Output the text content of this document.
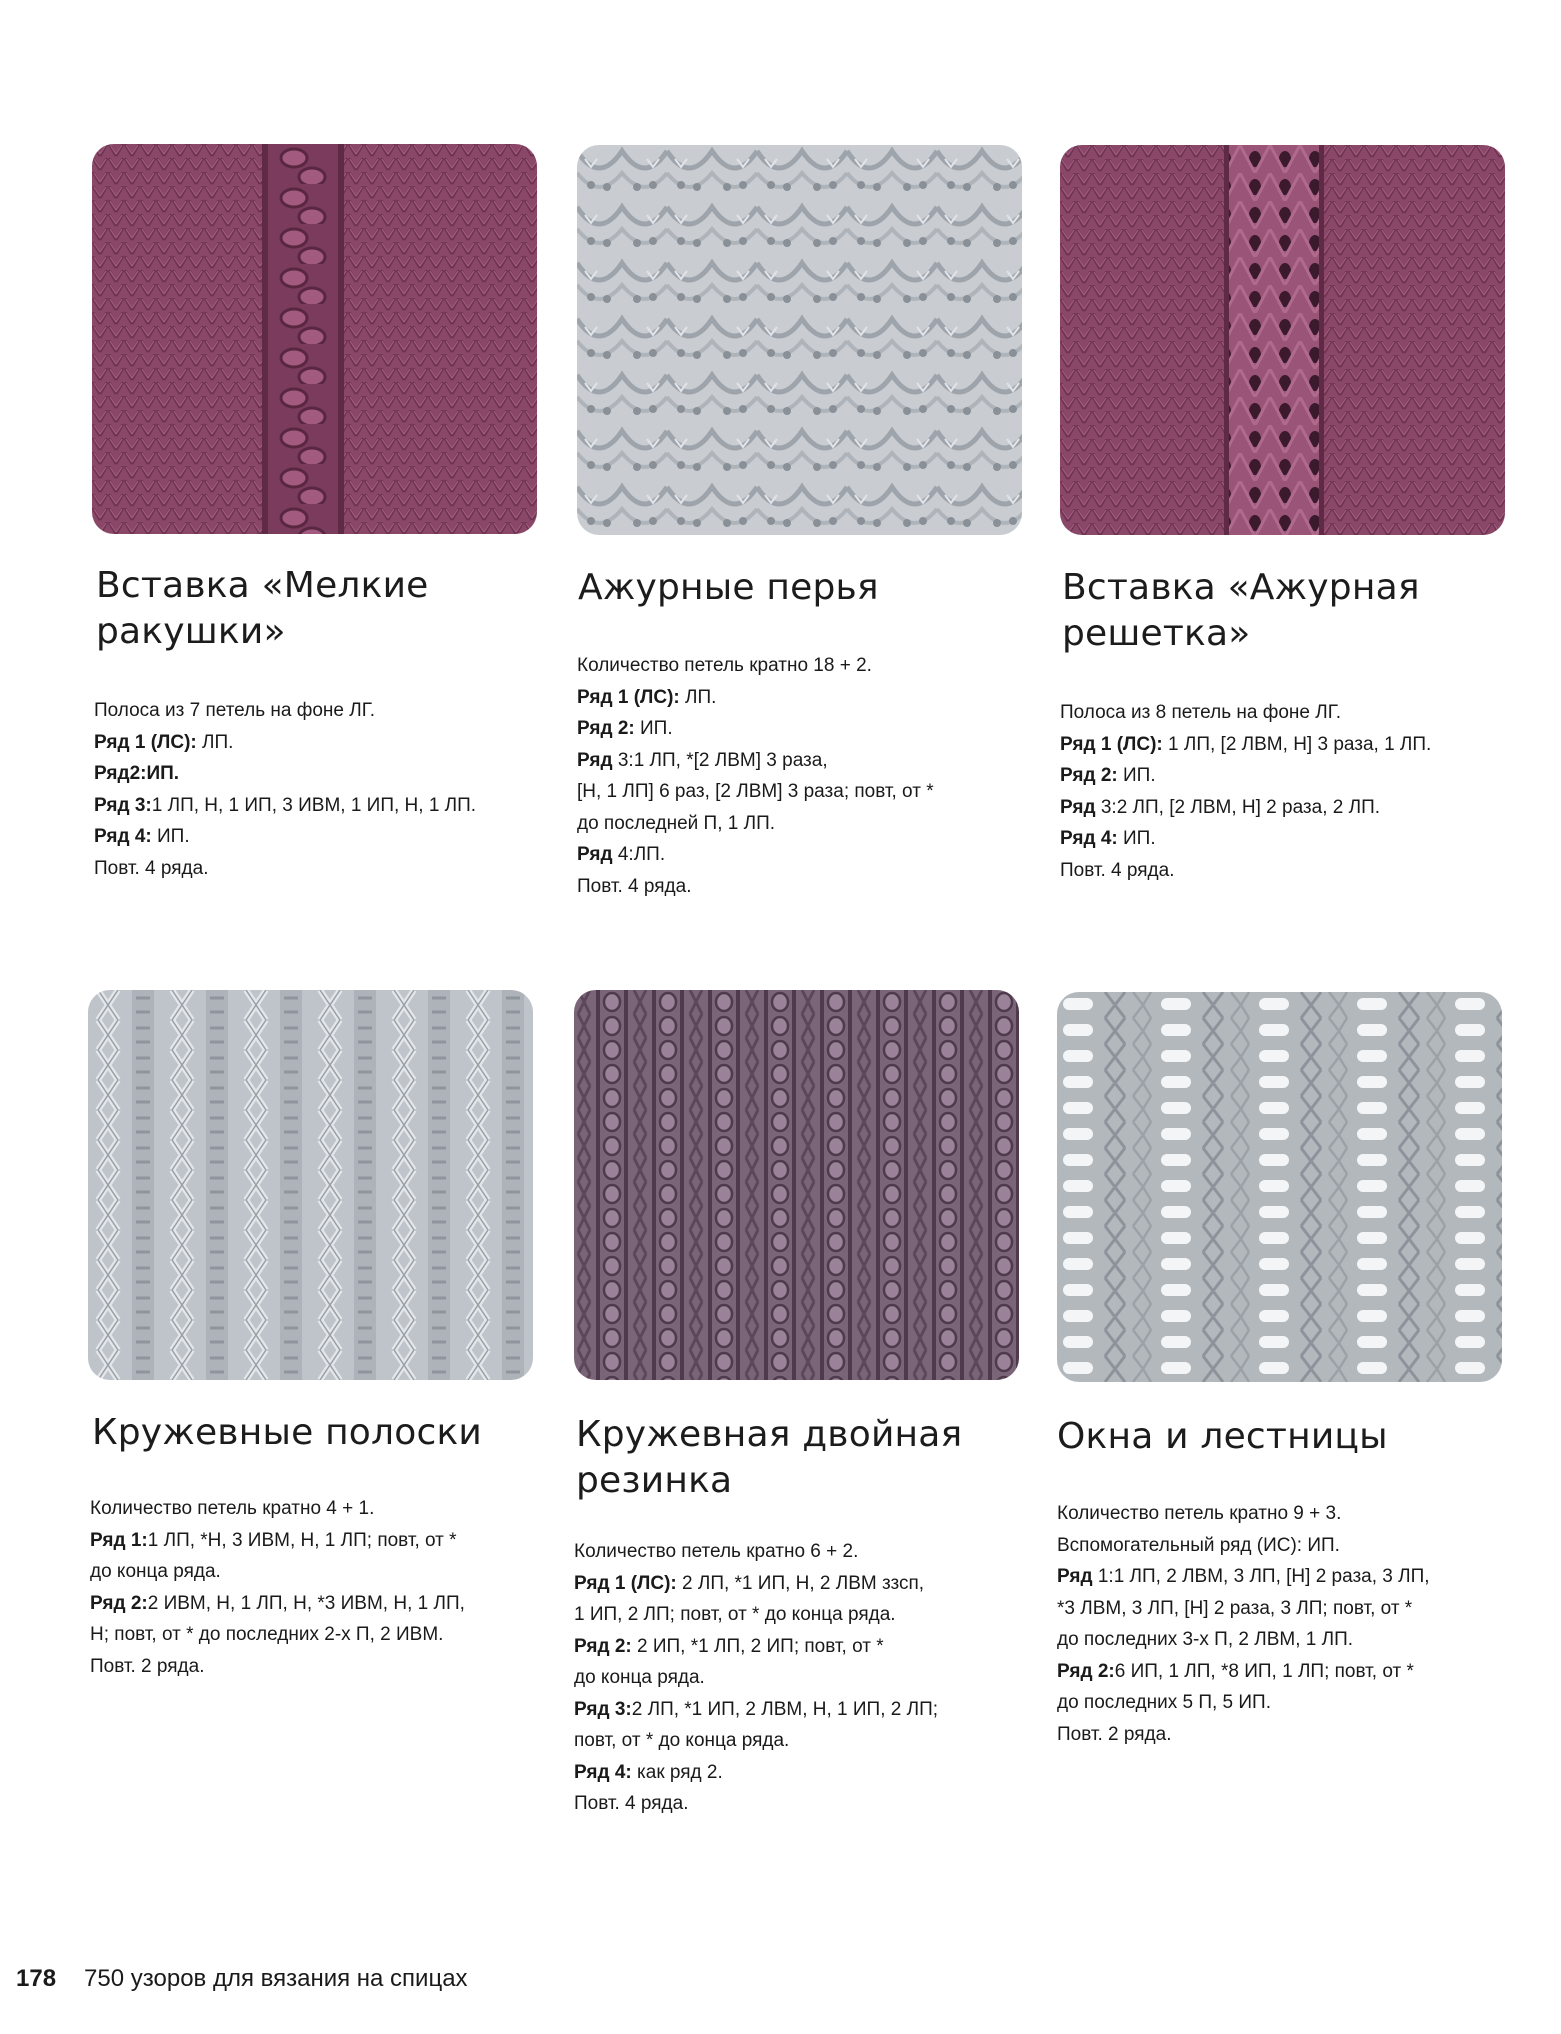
Вставка «Мелкие ракушки»
Полоса из 7 петель на фоне ЛГ.
Ряд 1 (ЛС): ЛП.
Ряд2:ИП.
Ряд 3:1 ЛП, Н, 1 ИП, 3 ИВМ, 1 ИП, Н, 1 ЛП.
Ряд 4: ИП.
Повт. 4 ряда.
Ажурные перья
Количество петель кратно 18 + 2.
Ряд 1 (ЛС): ЛП.
Ряд 2: ИП.
Ряд 3:1 ЛП, *[2 ЛВМ] 3 раза,
[Н, 1 ЛП] 6 раз, [2 ЛВМ] 3 раза; повт, от *
до последней П, 1 ЛП.
Ряд 4:ЛП.
Повт. 4 ряда.
Вставка «Ажурная решетка»
Полоса из 8 петель на фоне ЛГ.
Ряд 1 (ЛС): 1 ЛП, [2 ЛВМ, Н] 3 раза, 1 ЛП.
Ряд 2: ИП.
Ряд 3:2 ЛП, [2 ЛВМ, Н] 2 раза, 2 ЛП.
Ряд 4: ИП.
Повт. 4 ряда.
Кружевные полоски
Количество петель кратно 4 + 1.
Ряд 1:1 ЛП, *Н, 3 ИВМ, Н, 1 ЛП; повт, от *
до конца ряда.
Ряд 2:2 ИВМ, Н, 1 ЛП, Н, *3 ИВМ, Н, 1 ЛП,
Н; повт, от * до последних 2-х П, 2 ИВМ.
Повт. 2 ряда.
Кружевная двойная резинка
Количество петель кратно 6 + 2.
Ряд 1 (ЛС): 2 ЛП, *1 ИП, Н, 2 ЛВМ ззсп,
1 ИП, 2 ЛП; повт, от * до конца ряда.
Ряд 2: 2 ИП, *1 ЛП, 2 ИП; повт, от *
до конца ряда.
Ряд 3:2 ЛП, *1 ИП, 2 ЛВМ, Н, 1 ИП, 2 ЛП;
повт, от * до конца ряда.
Ряд 4: как ряд 2.
Повт. 4 ряда.
Окна и лестницы
Количество петель кратно 9 + 3.
Вспомогательный ряд (ИС): ИП.
Ряд 1:1 ЛП, 2 ЛВМ, 3 ЛП, [Н] 2 раза, 3 ЛП,
*3 ЛВМ, 3 ЛП, [Н] 2 раза, 3 ЛП; повт, от *
до последних 3-х П, 2 ЛВМ, 1 ЛП.
Ряд 2:6 ИП, 1 ЛП, *8 ИП, 1 ЛП; повт, от *
до последних 5 П, 5 ИП.
Повт. 2 ряда.
178 750 узоров для вязания на спицах
